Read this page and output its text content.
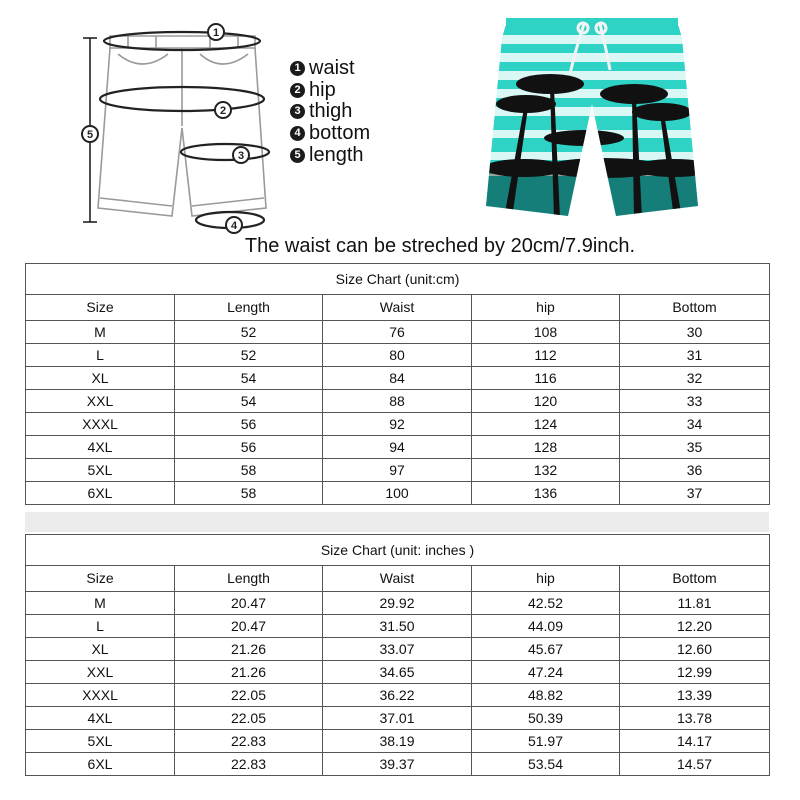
1
2
3
4
5
1 waist
2 hip
3 thigh
4 bottom
5 length
The waist can be streched by 20cm/7.9inch.
Size Chart (unit:cm)				
Size	Length	Waist	hip	Bottom
M	52	76	108	30
L	52	80	112	31
XL	54	84	116	32
XXL	54	88	120	33
XXXL	56	92	124	34
4XL	56	94	128	35
5XL	58	97	132	36
6XL	58	100	136	37
Size Chart (unit: inches )				
Size	Length	Waist	hip	Bottom
M	20.47	29.92	42.52	11.81
L	20.47	31.50	44.09	12.20
XL	21.26	33.07	45.67	12.60
XXL	21.26	34.65	47.24	12.99
XXXL	22.05	36.22	48.82	13.39
4XL	22.05	37.01	50.39	13.78
5XL	22.83	38.19	51.97	14.17
6XL	22.83	39.37	53.54	14.57
